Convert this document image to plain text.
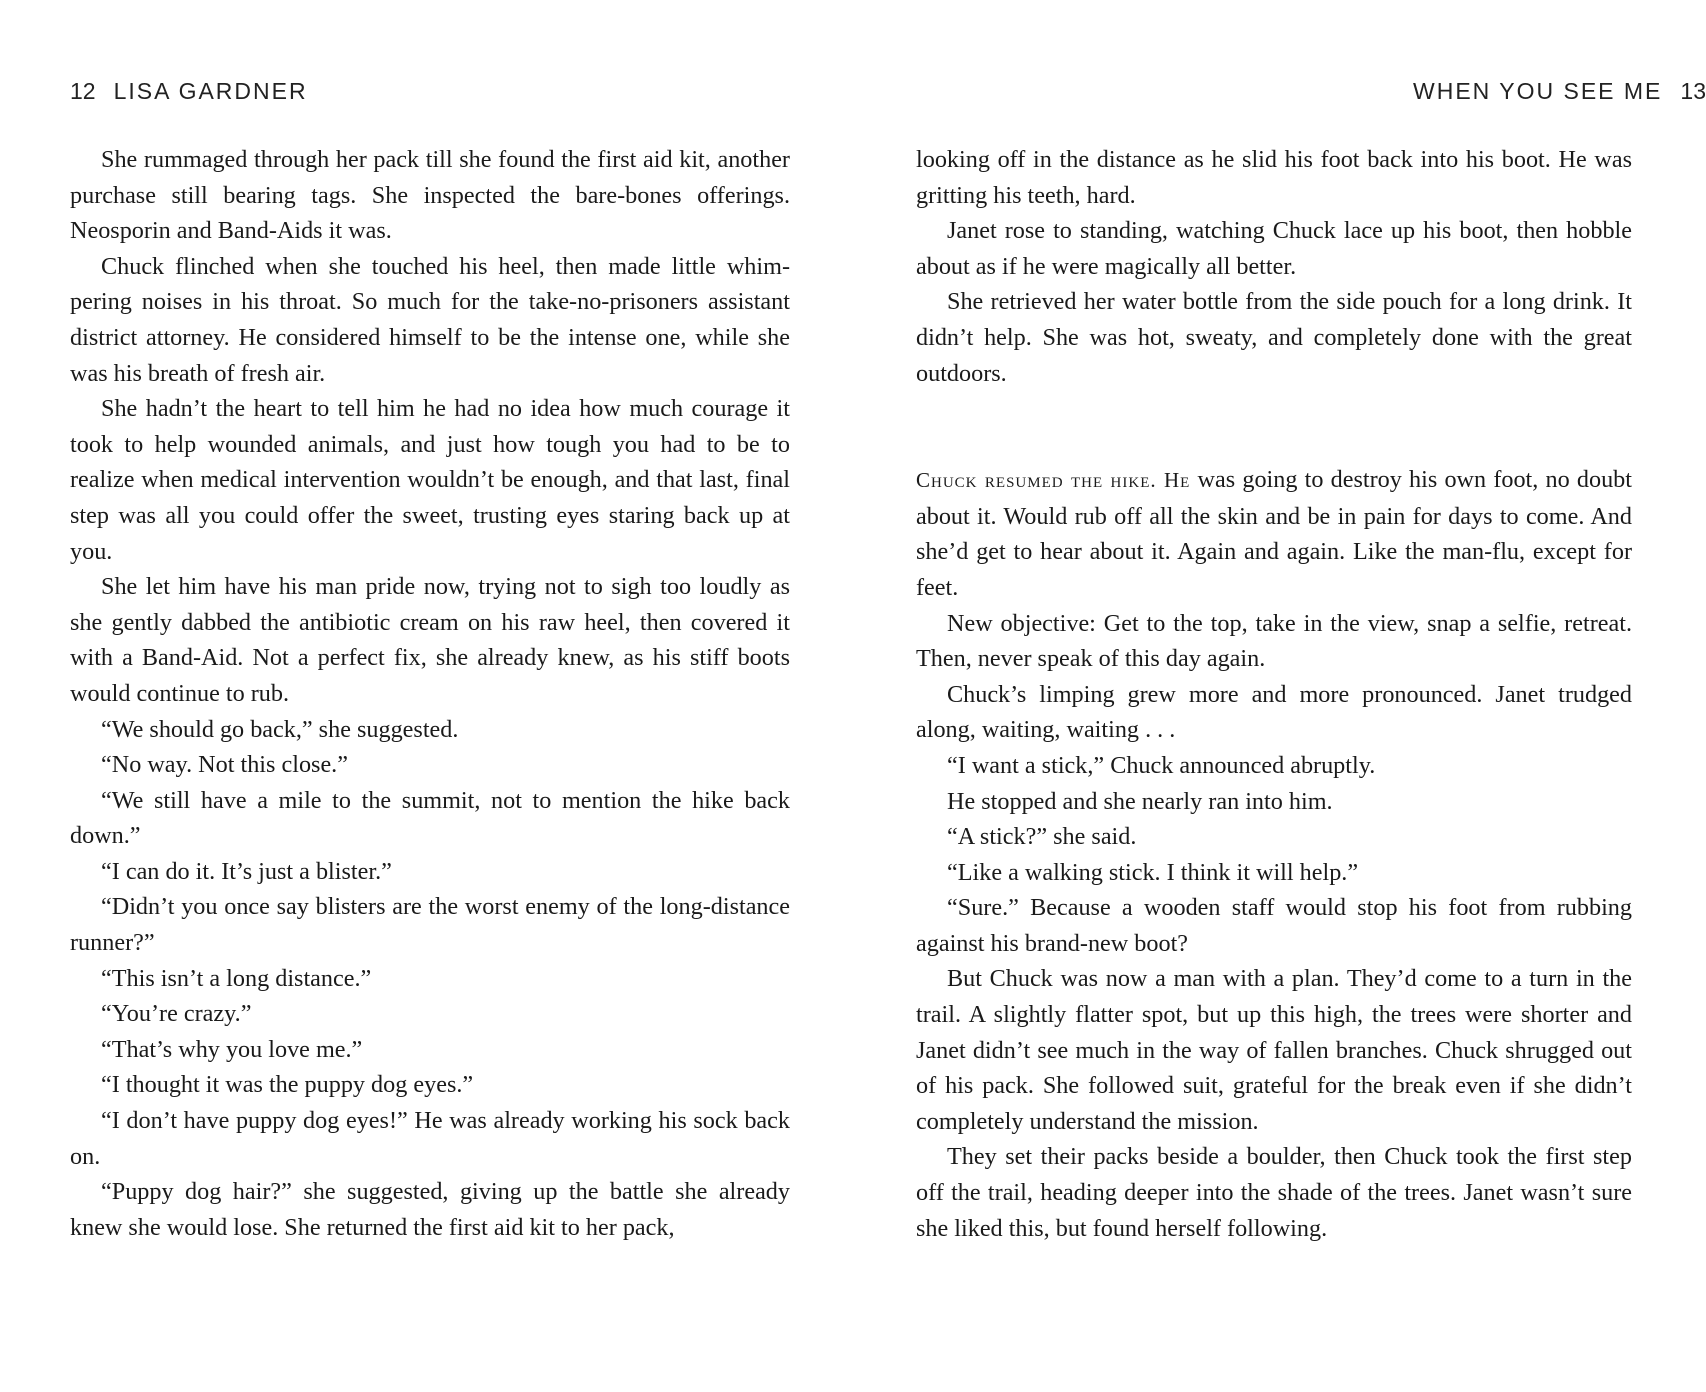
12 LISA GARDNER

She rummaged through her pack till she found the first aid kit, another purchase still bearing tags. She inspected the bare-bones offerings. Neosporin and Band-Aids it was.

Chuck flinched when she touched his heel, then made little whimpering noises in his throat. So much for the take-no-prisoners assistant district attorney. He considered himself to be the intense one, while she was his breath of fresh air.

She hadn’t the heart to tell him he had no idea how much courage it took to help wounded animals, and just how tough you had to be to realize when medical intervention wouldn’t be enough, and that last, final step was all you could offer the sweet, trusting eyes staring back up at you.

She let him have his man pride now, trying not to sigh too loudly as she gently dabbed the antibiotic cream on his raw heel, then covered it with a Band-Aid. Not a perfect fix, she already knew, as his stiff boots would continue to rub.

“We should go back,” she suggested.

“No way. Not this close.”

“We still have a mile to the summit, not to mention the hike back down.”

“I can do it. It’s just a blister.”

“Didn’t you once say blisters are the worst enemy of the long-distance runner?”

“This isn’t a long distance.”

“You’re crazy.”

“That’s why you love me.”

“I thought it was the puppy dog eyes.”

“I don’t have puppy dog eyes!” He was already working his sock back on.

“Puppy dog hair?” she suggested, giving up the battle she already knew she would lose. She returned the first aid kit to her pack,

WHEN YOU SEE ME 13

looking off in the distance as he slid his foot back into his boot. He was gritting his teeth, hard.

Janet rose to standing, watching Chuck lace up his boot, then hobble about as if he were magically all better.

She retrieved her water bottle from the side pouch for a long drink. It didn’t help. She was hot, sweaty, and completely done with the great outdoors.

Chuck resumed the hike. He was going to destroy his own foot, no doubt about it. Would rub off all the skin and be in pain for days to come. And she’d get to hear about it. Again and again. Like the man-flu, except for feet.

New objective: Get to the top, take in the view, snap a selfie, retreat. Then, never speak of this day again.

Chuck’s limping grew more and more pronounced. Janet trudged along, waiting, waiting . . .

“I want a stick,” Chuck announced abruptly.

He stopped and she nearly ran into him.

“A stick?” she said.

“Like a walking stick. I think it will help.”

“Sure.” Because a wooden staff would stop his foot from rubbing against his brand-new boot?

But Chuck was now a man with a plan. They’d come to a turn in the trail. A slightly flatter spot, but up this high, the trees were shorter and Janet didn’t see much in the way of fallen branches. Chuck shrugged out of his pack. She followed suit, grateful for the break even if she didn’t completely understand the mission.

They set their packs beside a boulder, then Chuck took the first step off the trail, heading deeper into the shade of the trees. Janet wasn’t sure she liked this, but found herself following.
